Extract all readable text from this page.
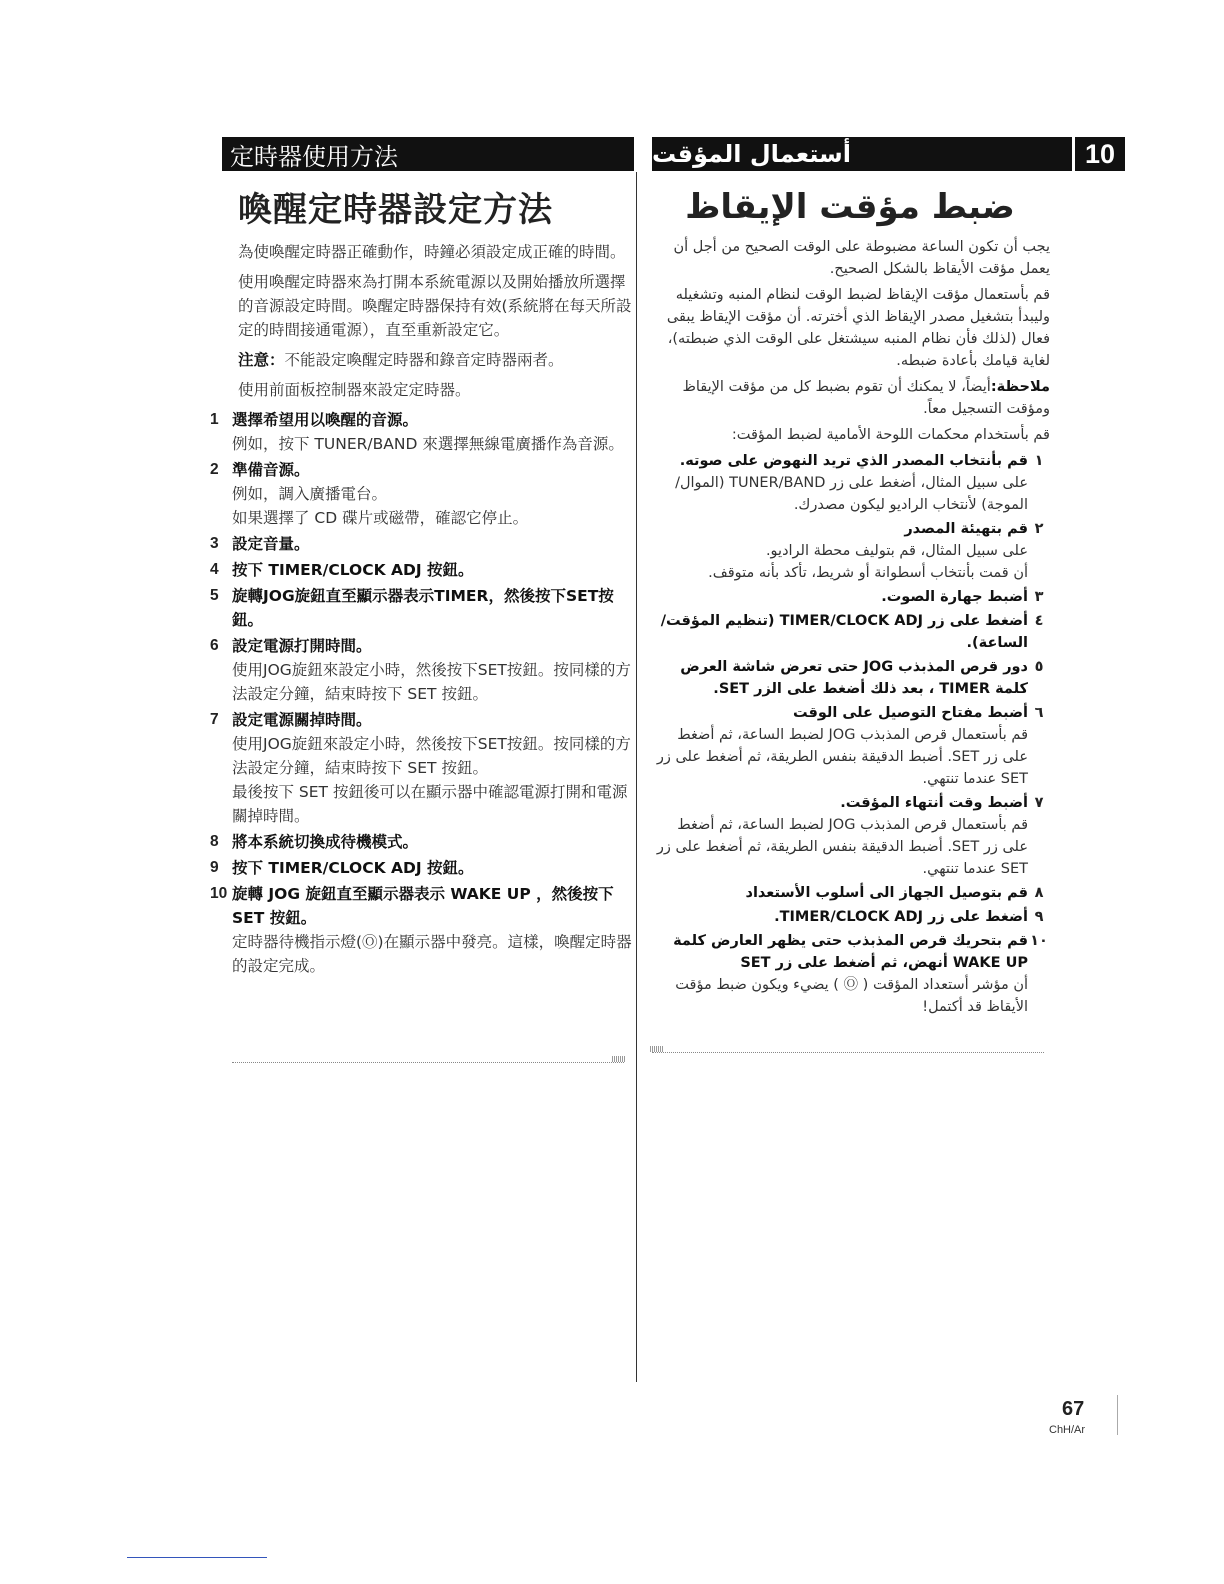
定時器使用方法	أستعمال المؤقت	10
喚醒定時器設定方法

為使喚醒定時器正確動作，時鐘必須設定成正確的時間。

使用喚醒定時器來為打開本系統電源以及開始播放所選擇的音源設定時間。喚醒定時器保持有效(系統將在每天所設定的時間接通電源），直至重新設定它。

注意：不能設定喚醒定時器和錄音定時器兩者。

使用前面板控制器來設定定時器。

1 選擇希望用以喚醒的音源。
例如，按下 TUNER/BAND 來選擇無線電廣播作為音源。
2 準備音源。
例如，調入廣播電台。
如果選擇了 CD 碟片或磁帶，確認它停止。
3 設定音量。
4 按下 TIMER/CLOCK ADJ 按鈕。
5 旋轉JOG旋鈕直至顯示器表示TIMER，然後按下SET按鈕。
6 設定電源打開時間。
使用JOG旋鈕來設定小時，然後按下SET按鈕。按同樣的方法設定分鐘，結束時按下 SET 按鈕。
7 設定電源關掉時間。
使用JOG旋鈕來設定小時，然後按下SET按鈕。按同樣的方法設定分鐘，結束時按下 SET 按鈕。
最後按下 SET 按鈕後可以在顯示器中確認電源打開和電源關掉時間。
8 將本系統切換成待機模式。
9 按下 TIMER/CLOCK ADJ 按鈕。
10 旋轉 JOG 旋鈕直至顯示器表示 WAKE UP ，然後按下 SET 按鈕。
定時器待機指示燈(Ⓞ)在顯示器中發亮。這樣，喚醒定時器的設定完成。
ضبط مؤقت الإيقاظ

يجب أن تكون الساعة مضبوطة على الوقت الصحيح من أجل أن يعمل مؤقت الأيقاظ بالشكل الصحيح.

قم بأستعمال مؤقت الإيقاظ لضبط الوقت لنظام المنبه وتشغيله وليبدأ بتشغيل مصدر الإيقاظ الذي أخترته. أن مؤقت الإيقاظ يبقى فعال (لذلك فأن نظام المنبه سيشتغل على الوقت الذي ضبطته)، لغاية قيامك بأعادة ضبطه.

ملاحظة:أيضاً، لا يمكنك أن تقوم بضبط كل من مؤقت الإيقاظ ومؤقت التسجيل معاً.

قم بأستخدام محكمات اللوحة الأمامية لضبط المؤقت:

١
قم بأنتخاب المصدر الذي تريد النهوض على صوته.
على سبيل المثال، أضغط على زر TUNER/BAND (الموال/ الموجة) لأنتخاب الراديو ليكون مصدرك.
٢
قم بتهيئة المصدر
على سبيل المثال، قم بتوليف محطة الراديو.
أن قمت بأنتخاب أسطوانة أو شريط، تأكد بأنه متوقف.
٣
أضبط جهارة الصوت.
٤
أضغط على زر TIMER/CLOCK ADJ (تنظيم المؤقت/ الساعة).
٥
دور قرص المذبذب JOG حتى تعرض شاشة العرض كلمة TIMER ، بعد ذلك أضغط على الزر SET.
٦
أضبط مفتاح التوصيل على الوقت
قم بأستعمال قرص المذبذب JOG لضبط الساعة، ثم أضغط على زر SET. أضبط الدقيقة بنفس الطريقة، ثم أضغط على زر SET عندما تنتهي.
٧
أضبط وقت أنتهاء المؤقت.
قم بأستعمال قرص المذبذب JOG لضبط الساعة، ثم أضغط على زر SET. أضبط الدقيقة بنفس الطريقة، ثم أضغط على زر SET عندما تنتهي.
٨
قم بتوصيل الجهاز الى أسلوب الأستعداد
٩
أضغط على زر TIMER/CLOCK ADJ.
١٠
قم بتحريك قرص المذبذب حتى يظهر العارض كلمة WAKE UP أنهض، ثم أضغط على زر SET
أن مؤشر أستعداد المؤقت ( Ⓞ ) يضيء ويكون ضبط مؤقت الأيقاظ قد أكتمل!
67
ChH/Ar
